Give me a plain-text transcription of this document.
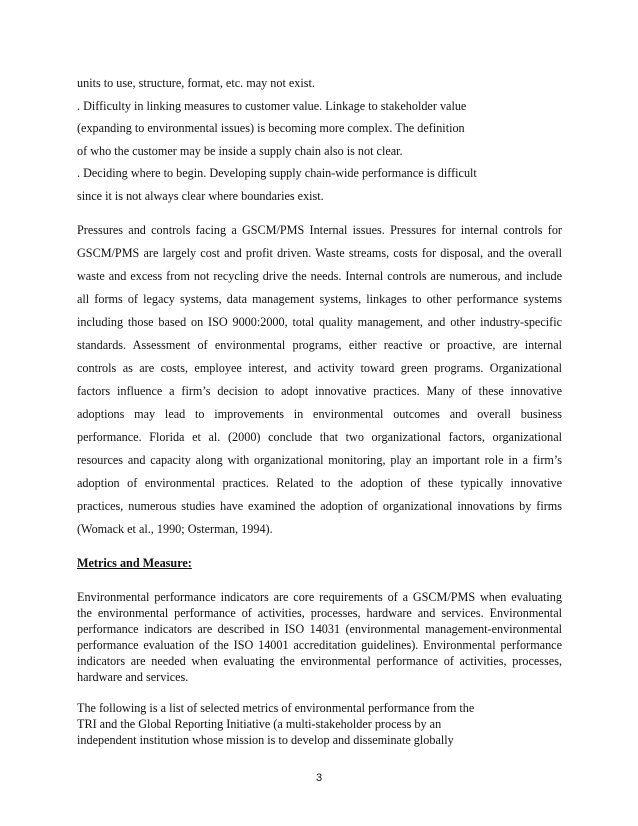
units to use, structure, format, etc. may not exist.
. Difficulty in linking measures to customer value. Linkage to stakeholder value
(expanding to environmental issues) is becoming more complex. The definition
of who the customer may be inside a supply chain also is not clear.
. Deciding where to begin. Developing supply chain-wide performance is difficult
since it is not always clear where boundaries exist.
Pressures and controls facing a GSCM/PMS Internal issues. Pressures for internal controls for
GSCM/PMS are largely cost and profit driven. Waste streams, costs for disposal, and the overall
waste and excess from not recycling drive the needs. Internal controls are numerous, and include
all forms of legacy systems, data management systems, linkages to other performance systems
including those based on ISO 9000:2000, total quality management, and other industry-specific
standards. Assessment of environmental programs, either reactive or proactive, are internal
controls as are costs, employee interest, and activity toward green programs. Organizational
factors influence a firm’s decision to adopt innovative practices. Many of these innovative
adoptions may lead to improvements in environmental outcomes and overall business
performance. Florida et al. (2000) conclude that two organizational factors, organizational
resources and capacity along with organizational monitoring, play an important role in a firm’s
adoption of environmental practices. Related to the adoption of these typically innovative
practices, numerous studies have examined the adoption of organizational innovations by firms
(Womack et al., 1990; Osterman, 1994).
Metrics and Measure:
Environmental performance indicators are core requirements of a GSCM/PMS when evaluating
the environmental performance of activities, processes, hardware and services. Environmental
performance indicators are described in ISO 14031 (environmental management-environmental
performance evaluation of the ISO 14001 accreditation guidelines). Environmental performance
indicators are needed when evaluating the environmental performance of activities, processes,
hardware and services.
The following is a list of selected metrics of environmental performance from the
TRI and the Global Reporting Initiative (a multi-stakeholder process by an
independent institution whose mission is to develop and disseminate globally
3
